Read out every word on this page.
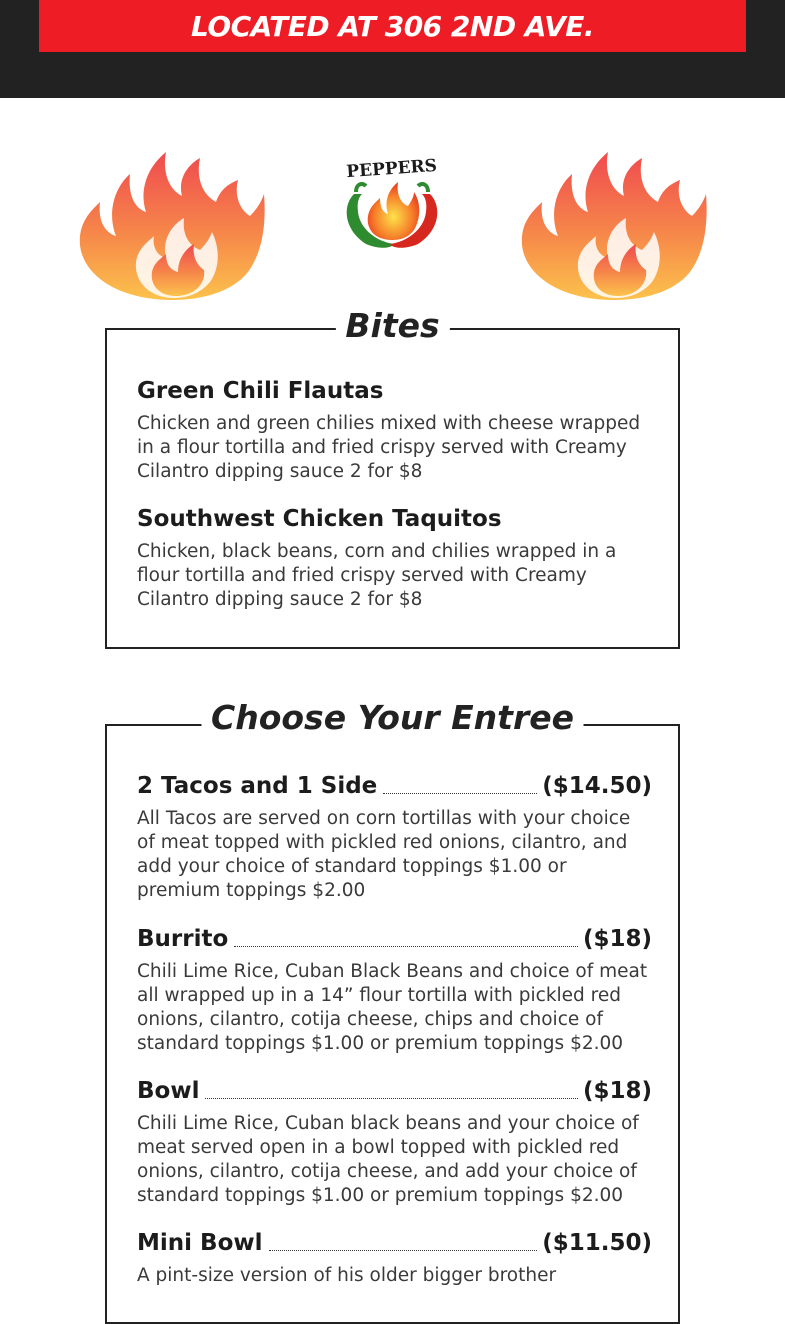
LOCATED AT 306 2ND AVE.
PEPPERS
Bites
Green Chili Flautas
Chicken and green chilies mixed with cheese wrapped in a flour tortilla and fried crispy served with Creamy Cilantro dipping sauce 2 for $8
Southwest Chicken Taquitos
Chicken, black beans, corn and chilies wrapped in a flour tortilla and fried crispy served with Creamy Cilantro dipping sauce 2 for $8
Choose Your Entree
2 Tacos and 1 Side	($14.50)
All Tacos are served on corn tortillas with your choice of meat topped with pickled red onions, cilantro, and add your choice of standard toppings $1.00 or premium toppings $2.00
Burrito	($18)
Chili Lime Rice, Cuban Black Beans and choice of meat all wrapped up in a 14” flour tortilla with pickled red onions, cilantro, cotija cheese, chips and choice of standard toppings $1.00 or premium toppings $2.00
Bowl	($18)
Chili Lime Rice, Cuban black beans and your choice of meat served open in a bowl topped with pickled red onions, cilantro, cotija cheese, and add your choice of standard toppings $1.00 or premium toppings $2.00
Mini Bowl	($11.50)
A pint-size version of his older bigger brother
